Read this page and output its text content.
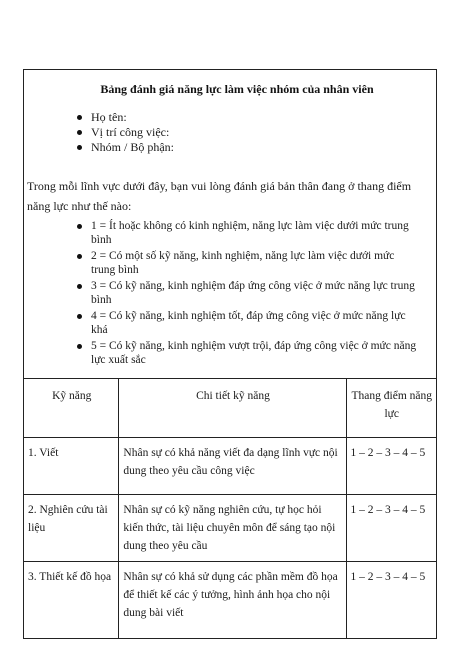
Bảng đánh giá năng lực làm việc nhóm của nhân viên
Họ tên:
Vị trí công việc:
Nhóm / Bộ phận:
Trong mỗi lĩnh vực dưới đây, bạn vui lòng đánh giá bản thân đang ở thang điểm năng lực như thế nào:
1 = Ít hoặc không có kinh nghiệm, năng lực làm việc dưới mức trung bình
2 = Có một số kỹ năng, kinh nghiệm, năng lực làm việc dưới mức trung bình
3 = Có kỹ năng, kinh nghiệm đáp ứng công việc ở mức năng lực trung bình
4 = Có kỹ năng, kinh nghiệm tốt, đáp ứng công việc ở mức năng lực khá
5 = Có kỹ năng, kinh nghiệm vượt trội, đáp ứng công việc ở mức năng lực xuất sắc
Kỹ năng	Chi tiết kỹ năng	Thang điểm năng lực
1. Viết	Nhân sự có khả năng viết đa dạng lĩnh vực nội dung theo yêu cầu công việc	1 – 2 – 3 – 4 – 5
2. Nghiên cứu tài liệu	Nhân sự có kỹ năng nghiên cứu, tự học hỏi kiến thức, tài liệu chuyên môn để sáng tạo nội dung theo yêu cầu	1 – 2 – 3 – 4 – 5
3. Thiết kế đồ họa	Nhân sự có khả sử dụng các phần mềm đồ họa để thiết kế các ý tưởng, hình ảnh họa cho nội dung bài viết	1 – 2 – 3 – 4 – 5
